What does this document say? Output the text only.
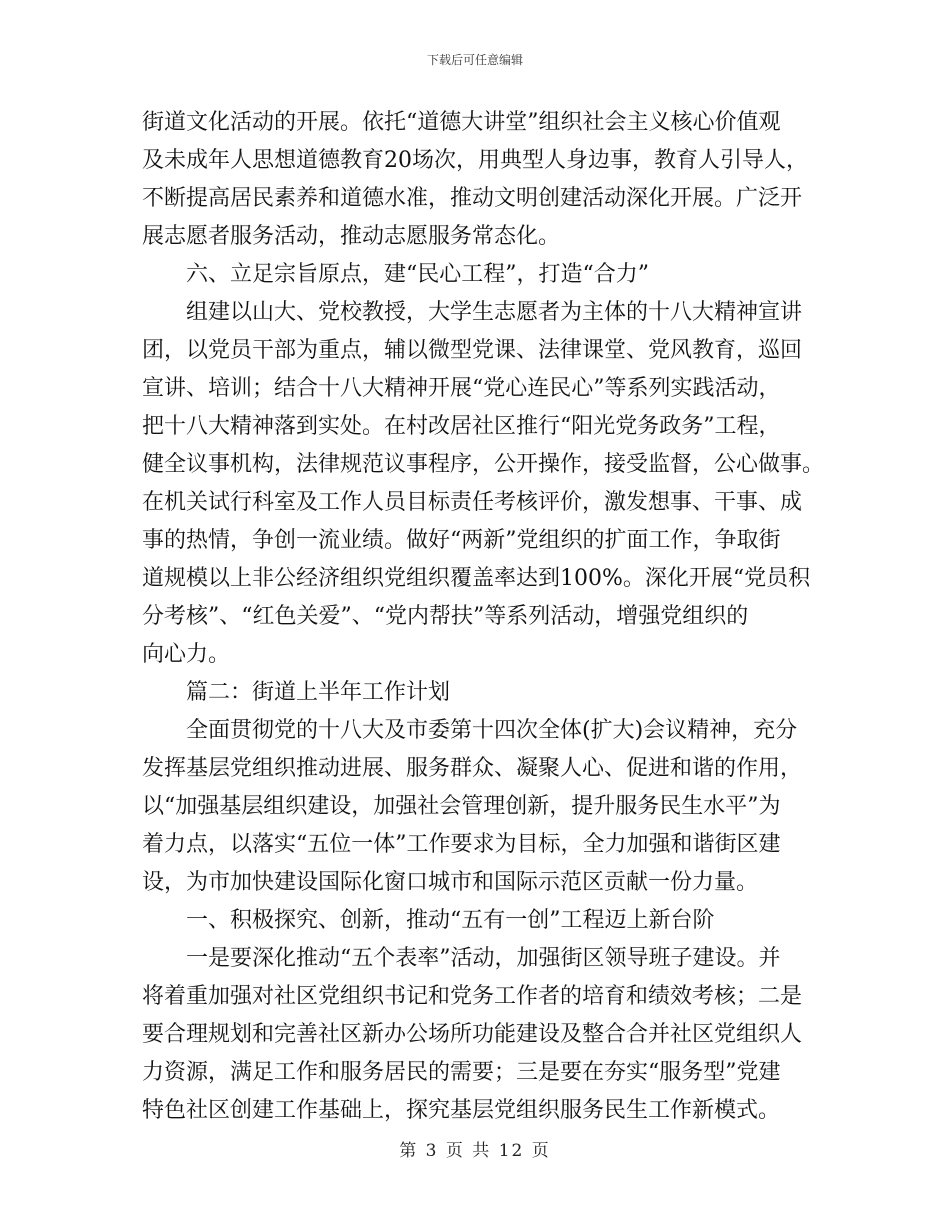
下载后可任意编辑
街道文化活动的开展。依托“道德大讲堂”组织社会主义核心价值观
及未成年人思想道德教育20场次，用典型人身边事，教育人引导人，
不断提高居民素养和道德水准，推动文明创建活动深化开展。广泛开
展志愿者服务活动，推动志愿服务常态化。
六、立足宗旨原点，建“民心工程”，打造“合力”
组建以山大、党校教授，大学生志愿者为主体的十八大精神宣讲
团，以党员干部为重点，辅以微型党课、法律课堂、党风教育，巡回
宣讲、培训；结合十八大精神开展“党心连民心”等系列实践活动，
把十八大精神落到实处。在村改居社区推行“阳光党务政务”工程，
健全议事机构，法律规范议事程序，公开操作，接受监督，公心做事。
在机关试行科室及工作人员目标责任考核评价，激发想事、干事、成
事的热情，争创一流业绩。做好“两新”党组织的扩面工作，争取街
道规模以上非公经济组织党组织覆盖率达到100%。深化开展“党员积
分考核”、“红色关爱”、“党内帮扶”等系列活动，增强党组织的
向心力。
篇二：街道上半年工作计划
全面贯彻党的十八大及市委第十四次全体(扩大)会议精神，充分
发挥基层党组织推动进展、服务群众、凝聚人心、促进和谐的作用，
以“加强基层组织建设，加强社会管理创新，提升服务民生水平”为
着力点，以落实“五位一体”工作要求为目标，全力加强和谐街区建
设，为市加快建设国际化窗口城市和国际示范区贡献一份力量。
一、积极探究、创新，推动“五有一创”工程迈上新台阶
一是要深化推动“五个表率”活动，加强街区领导班子建设。并
将着重加强对社区党组织书记和党务工作者的培育和绩效考核；二是
要合理规划和完善社区新办公场所功能建设及整合合并社区党组织人
力资源，满足工作和服务居民的需要；三是要在夯实“服务型”党建
特色社区创建工作基础上，探究基层党组织服务民生工作新模式。
第 3 页 共 12 页
